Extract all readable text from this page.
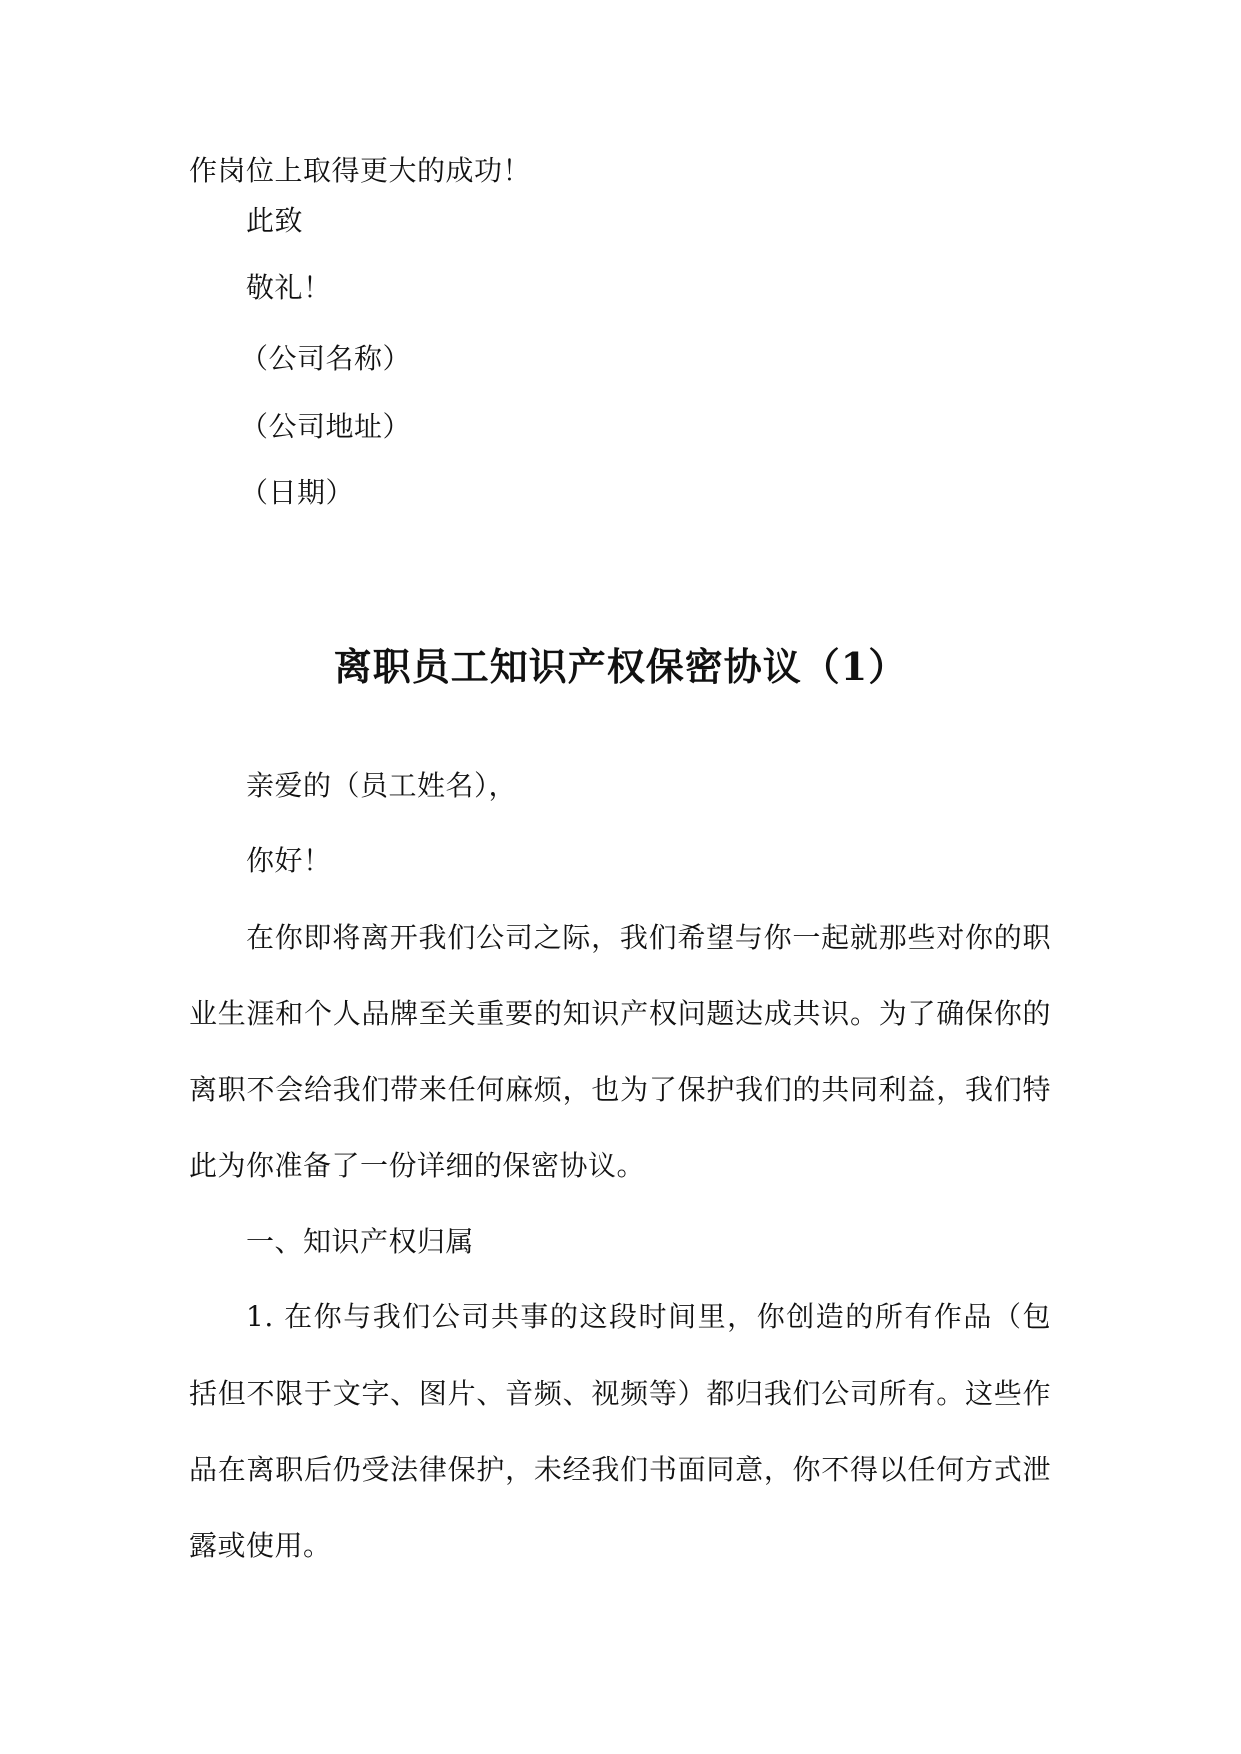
作岗位上取得更大的成功！

此致

敬礼！

（公司名称）

（公司地址）

（日期）

离职员工知识产权保密协议（1）

亲爱的（员工姓名），

你好！

在你即将离开我们公司之际，我们希望与你一起就那些对你的职

业生涯和个人品牌至关重要的知识产权问题达成共识。为了确保你的

离职不会给我们带来任何麻烦，也为了保护我们的共同利益，我们特

此为你准备了一份详细的保密协议。

一、知识产权归属

1. 在你与我们公司共事的这段时间里，你创造的所有作品（包

括但不限于文字、图片、音频、视频等）都归我们公司所有。这些作

品在离职后仍受法律保护，未经我们书面同意，你不得以任何方式泄

露或使用。
